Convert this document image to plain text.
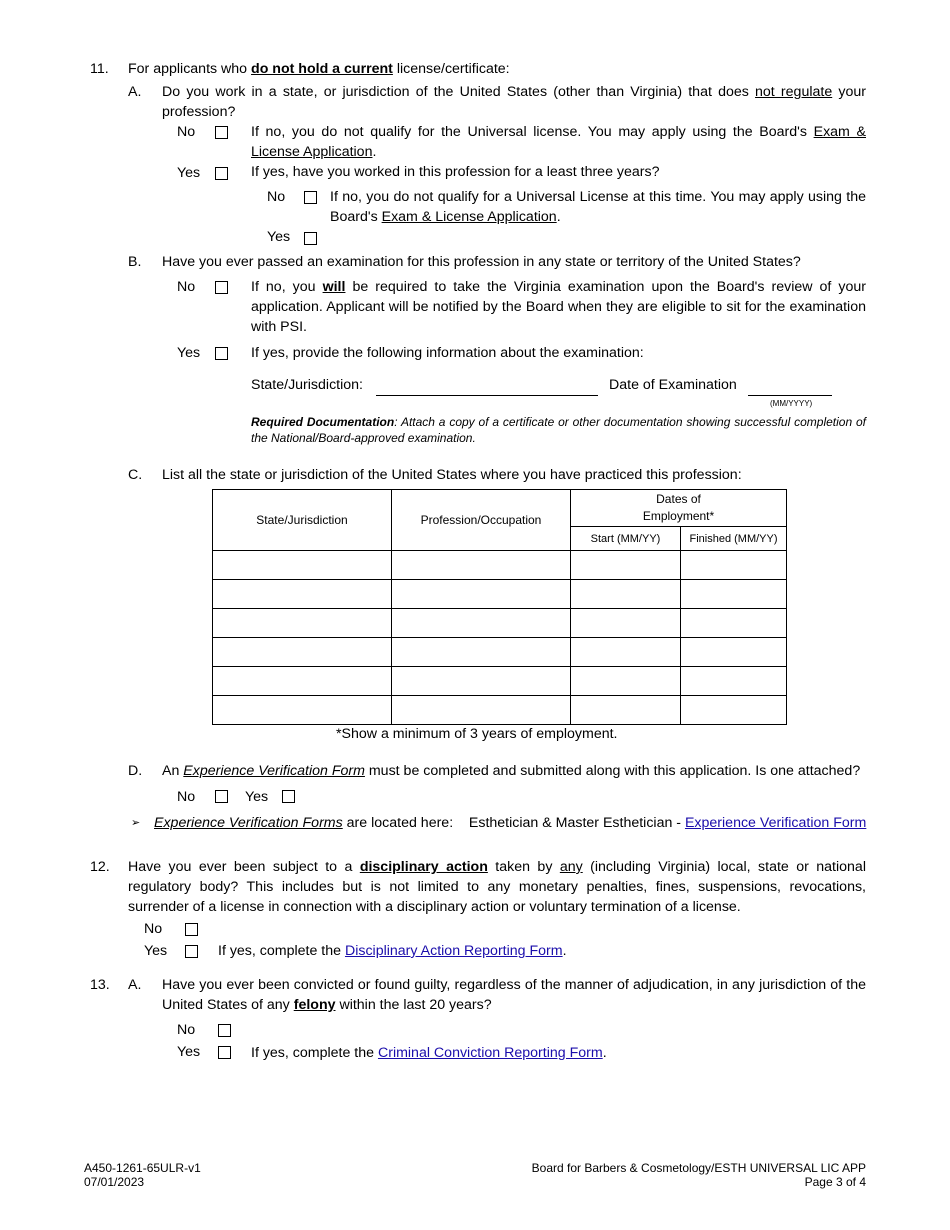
11. For applicants who do not hold a current license/certificate:
A. Do you work in a state, or jurisdiction of the United States (other than Virginia) that does not regulate your profession?
No	If no, you do not qualify for the Universal license. You may apply using the Board's Exam & License Application.
Yes	If yes, have you worked in this profession for a least three years?
No	If no, you do not qualify for a Universal License at this time. You may apply using the Board's Exam & License Application.
Yes
B. Have you ever passed an examination for this profession in any state or territory of the United States?
No	If no, you will be required to take the Virginia examination upon the Board's review of your application. Applicant will be notified by the Board when they are eligible to sit for the examination with PSI.
Yes	If yes, provide the following information about the examination:
State/Jurisdiction:	Date of Examination
(MM/YYYY)
Required Documentation: Attach a copy of a certificate or other documentation showing successful completion of the National/Board-approved examination.
C. List all the state or jurisdiction of the United States where you have practiced this profession:
State/Jurisdiction	Profession/Occupation	Dates of
Employment*	
		Start (MM/YY)	Finished (MM/YY)

*Show a minimum of 3 years of employment.
D. An Experience Verification Form must be completed and submitted along with this application. Is one attached?
No	Yes
➢ Experience Verification Forms are located here:    Esthetician & Master Esthetician - Experience Verification Form
12. Have you ever been subject to a disciplinary action taken by any (including Virginia) local, state or national regulatory body? This includes but is not limited to any monetary penalties, fines, suspensions, revocations, surrender of a license in connection with a disciplinary action or voluntary termination of a license.
No
Yes	If yes, complete the Disciplinary Action Reporting Form.
13. A. Have you ever been convicted or found guilty, regardless of the manner of adjudication, in any jurisdiction of the United States of any felony within the last 20 years?
No
Yes	If yes, complete the Criminal Conviction Reporting Form.
A450-1261-65ULR-v1
07/01/2023
Board for Barbers & Cosmetology/ESTH UNIVERSAL LIC APP
Page 3 of 4
